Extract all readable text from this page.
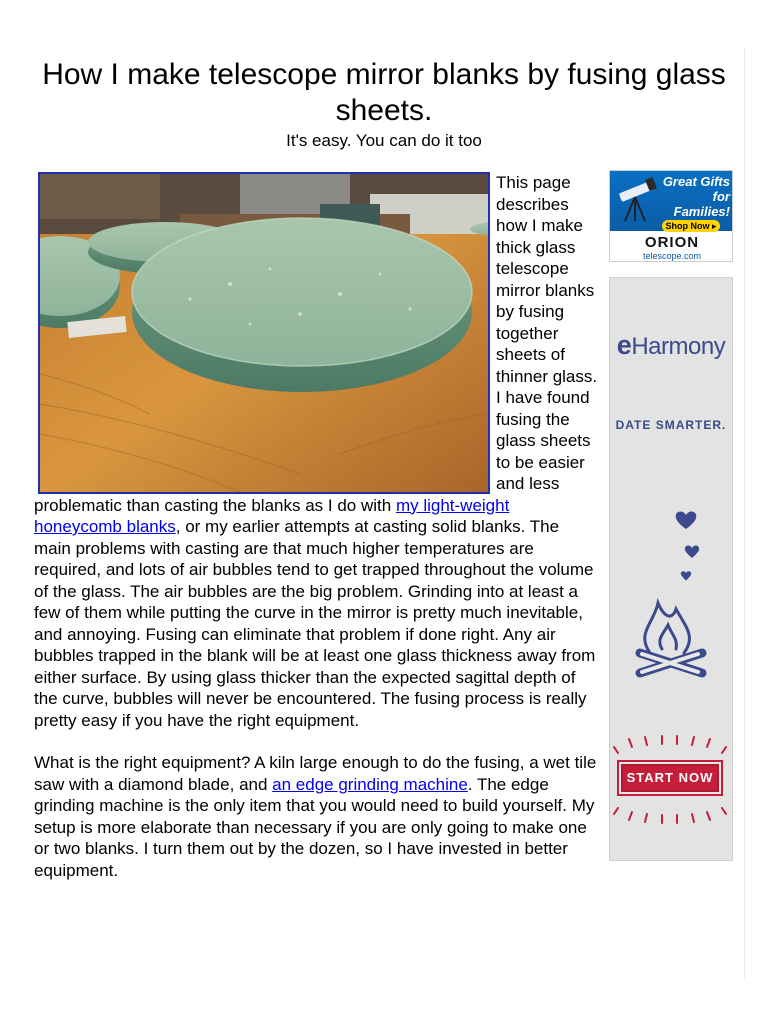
How I make telescope mirror blanks by fusing glass sheets.
It's easy. You can do it too

This page describes how I make thick glass telescope mirror blanks by fusing together sheets of thinner glass. I have found fusing the glass sheets to be easier and less problematic than casting the blanks as I do with my light-weight honeycomb blanks, or my earlier attempts at casting solid blanks. The main problems with casting are that much higher temperatures are required, and lots of air bubbles tend to get trapped throughout the volume of the glass. The air bubbles are the big problem. Grinding into at least a few of them while putting the curve in the mirror is pretty much inevitable, and annoying. Fusing can eliminate that problem if done right. Any air bubbles trapped in the blank will be at least one glass thickness away from either surface. By using glass thicker than the expected sagittal depth of the curve, bubbles will never be encountered. The fusing process is really pretty easy if you have the right equipment.

What is the right equipment? A kiln large enough to do the fusing, a wet tile saw with a diamond blade, and an edge grinding machine. The edge grinding machine is the only item that you would need to build yourself. My setup is more elaborate than necessary if you are only going to make one or two blanks. I turn them out by the dozen, so I have invested in better equipment.

Great Gifts for Families!
Shop Now ▸
ORION
telescope.com
eHarmony
DATE SMARTER.
START NOW
